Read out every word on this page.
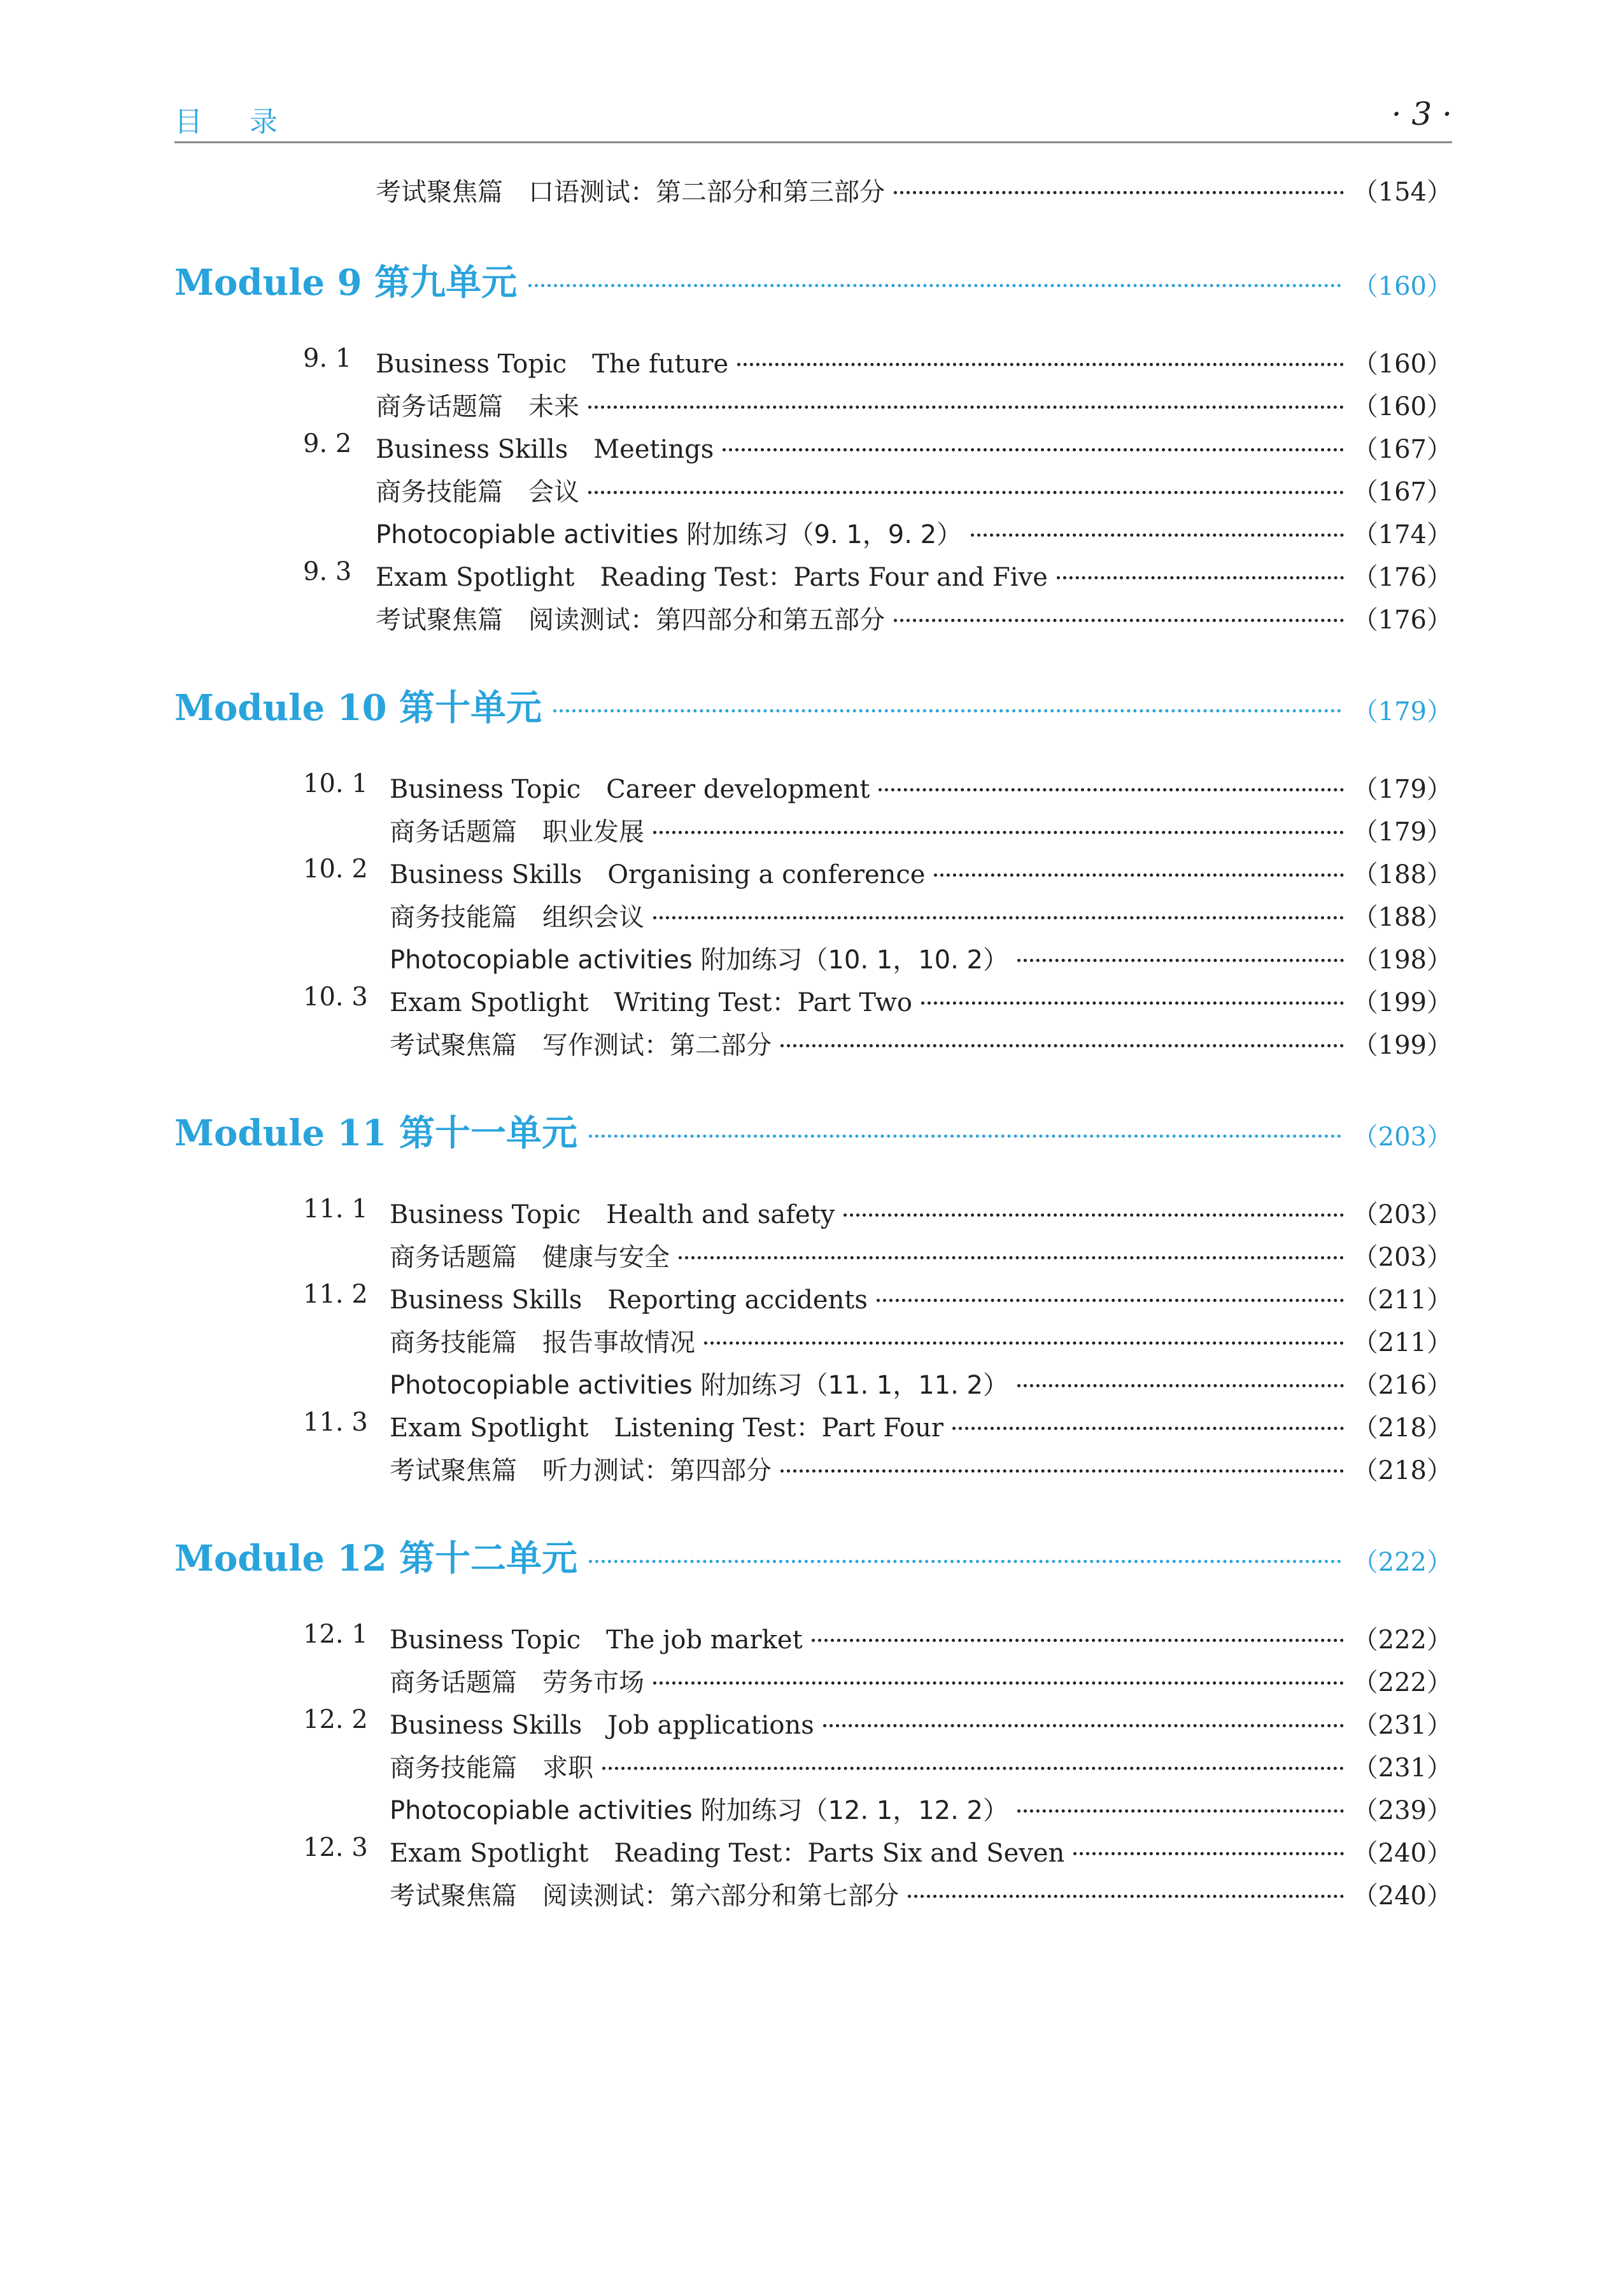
目 录	· 3 ·
考试聚焦篇　口语测试：第二部分和第三部分	（154）
Module 9 第九单元	（160）
9. 1 Business Topic　The future	（160）
商务话题篇　未来	（160）
9. 2 Business Skills　Meetings	（167）
商务技能篇　会议	（167）
Photocopiable activities 附加练习（9. 1，9. 2）	（174）
9. 3 Exam Spotlight　Reading Test：Parts Four and Five	（176）
考试聚焦篇　阅读测试：第四部分和第五部分	（176）
Module 10 第十单元	（179）
10. 1 Business Topic　Career development	（179）
商务话题篇　职业发展	（179）
10. 2 Business Skills　Organising a conference	（188）
商务技能篇　组织会议	（188）
Photocopiable activities 附加练习（10. 1，10. 2）	（198）
10. 3 Exam Spotlight　Writing Test：Part Two	（199）
考试聚焦篇　写作测试：第二部分	（199）
Module 11 第十一单元	（203）
11. 1 Business Topic　Health and safety	（203）
商务话题篇　健康与安全	（203）
11. 2 Business Skills　Reporting accidents	（211）
商务技能篇　报告事故情况	（211）
Photocopiable activities 附加练习（11. 1，11. 2）	（216）
11. 3 Exam Spotlight　Listening Test：Part Four	（218）
考试聚焦篇　听力测试：第四部分	（218）
Module 12 第十二单元	（222）
12. 1 Business Topic　The job market	（222）
商务话题篇　劳务市场	（222）
12. 2 Business Skills　Job applications	（231）
商务技能篇　求职	（231）
Photocopiable activities 附加练习（12. 1，12. 2）	（239）
12. 3 Exam Spotlight　Reading Test：Parts Six and Seven	（240）
考试聚焦篇　阅读测试：第六部分和第七部分	（240）
